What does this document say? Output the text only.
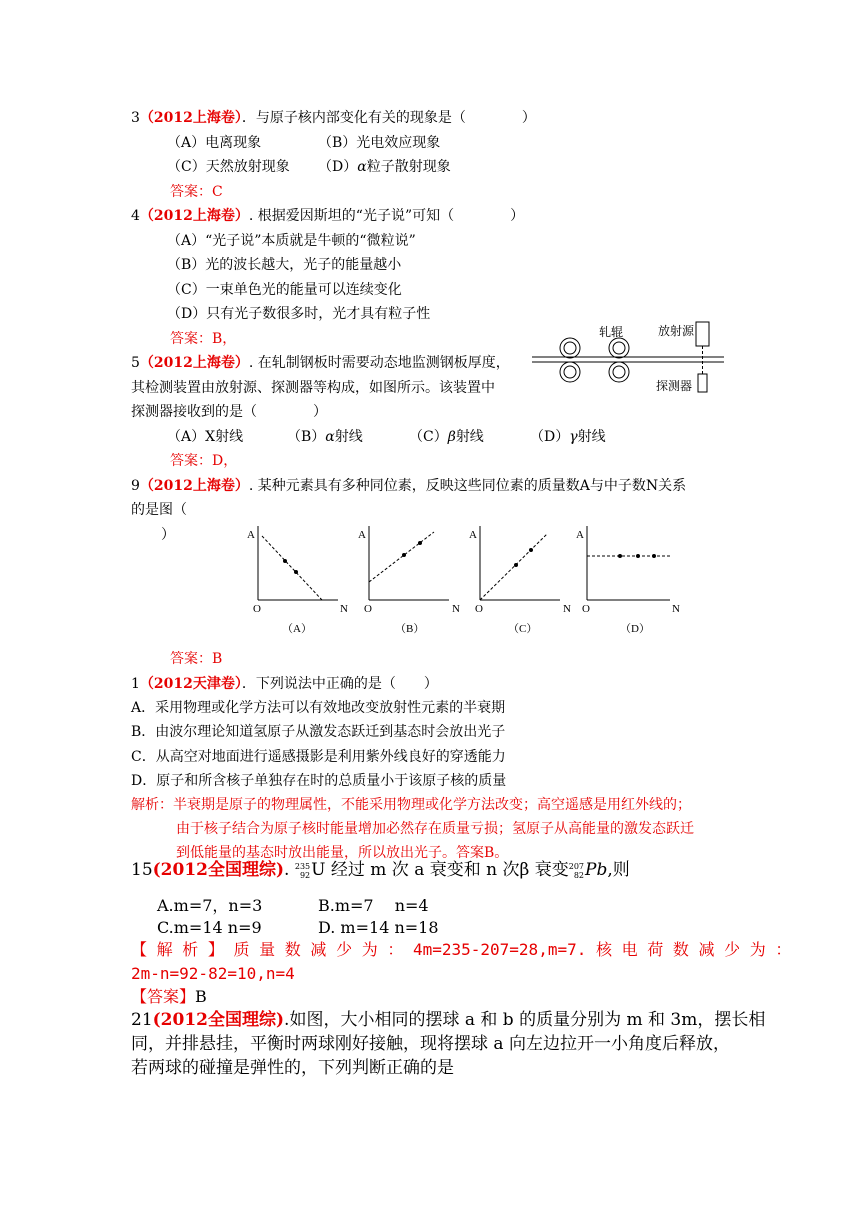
3（2012上海卷）．与原子核内部变化有关的现象是（　　　　）
（A）电离现象	（B）光电效应现象
（C）天然放射现象 （D）α粒子散射现象
答案：C
4（2012上海卷）. 根据爱因斯坦的“光子说”可知（　　　　）
（A）“光子说”本质就是牛顿的“微粒说”
（B）光的波长越大，光子的能量越小
（C）一束单色光的能量可以连续变化
（D）只有光子数很多时，光才具有粒子性
答案：B，
5（2012上海卷）. 在轧制钢板时需要动态地监测钢板厚度，
其检测装置由放射源、探测器等构成，如图所示。该装置中
探测器接收到的是（　　　　）
（A）X射线	（B）α射线	（C）β射线	（D）γ射线
答案：D，
轧辊	放射源
探测器
9（2012上海卷）. 某种元素具有多种同位素，反映这些同位素的质量数A与中子数N关系
的是图（
）	A
O	N
（A）
A
O	N
（B）
A
O	N
（C）
A
O	N
（D）
答案：B
1（2012天津卷）．下列说法中正确的是（　　）
A．采用物理或化学方法可以有效地改变放射性元素的半衰期
B．由波尔理论知道氢原子从激发态跃迁到基态时会放出光子
C．从高空对地面进行遥感摄影是利用紫外线良好的穿透能力
D．原子和所含核子单独存在时的总质量小于该原子核的质量
解析：半衰期是原子的物理属性，不能采用物理或化学方法改变；高空遥感是用红外线的；
由于核子结合为原子核时能量增加必然存在质量亏损；氢原子从高能量的激发态跃迁
到低能量的基态时放出能量，所以放出光子。答案B。
15(2012全国理综). 235
92U 经过 m 次 a 衰变和 n 次β 衰变207
82Pb,则
A.m=7，n=3	B.m=7　 n=4
C.m=14 n=9	D. m=14 n=18
【 解 析 】 质 量 数 减 少 为 ： 4m=235-207=28,m=7. 核 电 荷 数 减 少 为 ：
2m-n=92-82=10,n=4
【答案】B
21(2012全国理综).如图，大小相同的摆球 a 和 b 的质量分别为 m 和 3m，摆长相
同，并排悬挂，平衡时两球刚好接触，现将摆球 a 向左边拉开一小角度后释放，
若两球的碰撞是弹性的，下列判断正确的是
